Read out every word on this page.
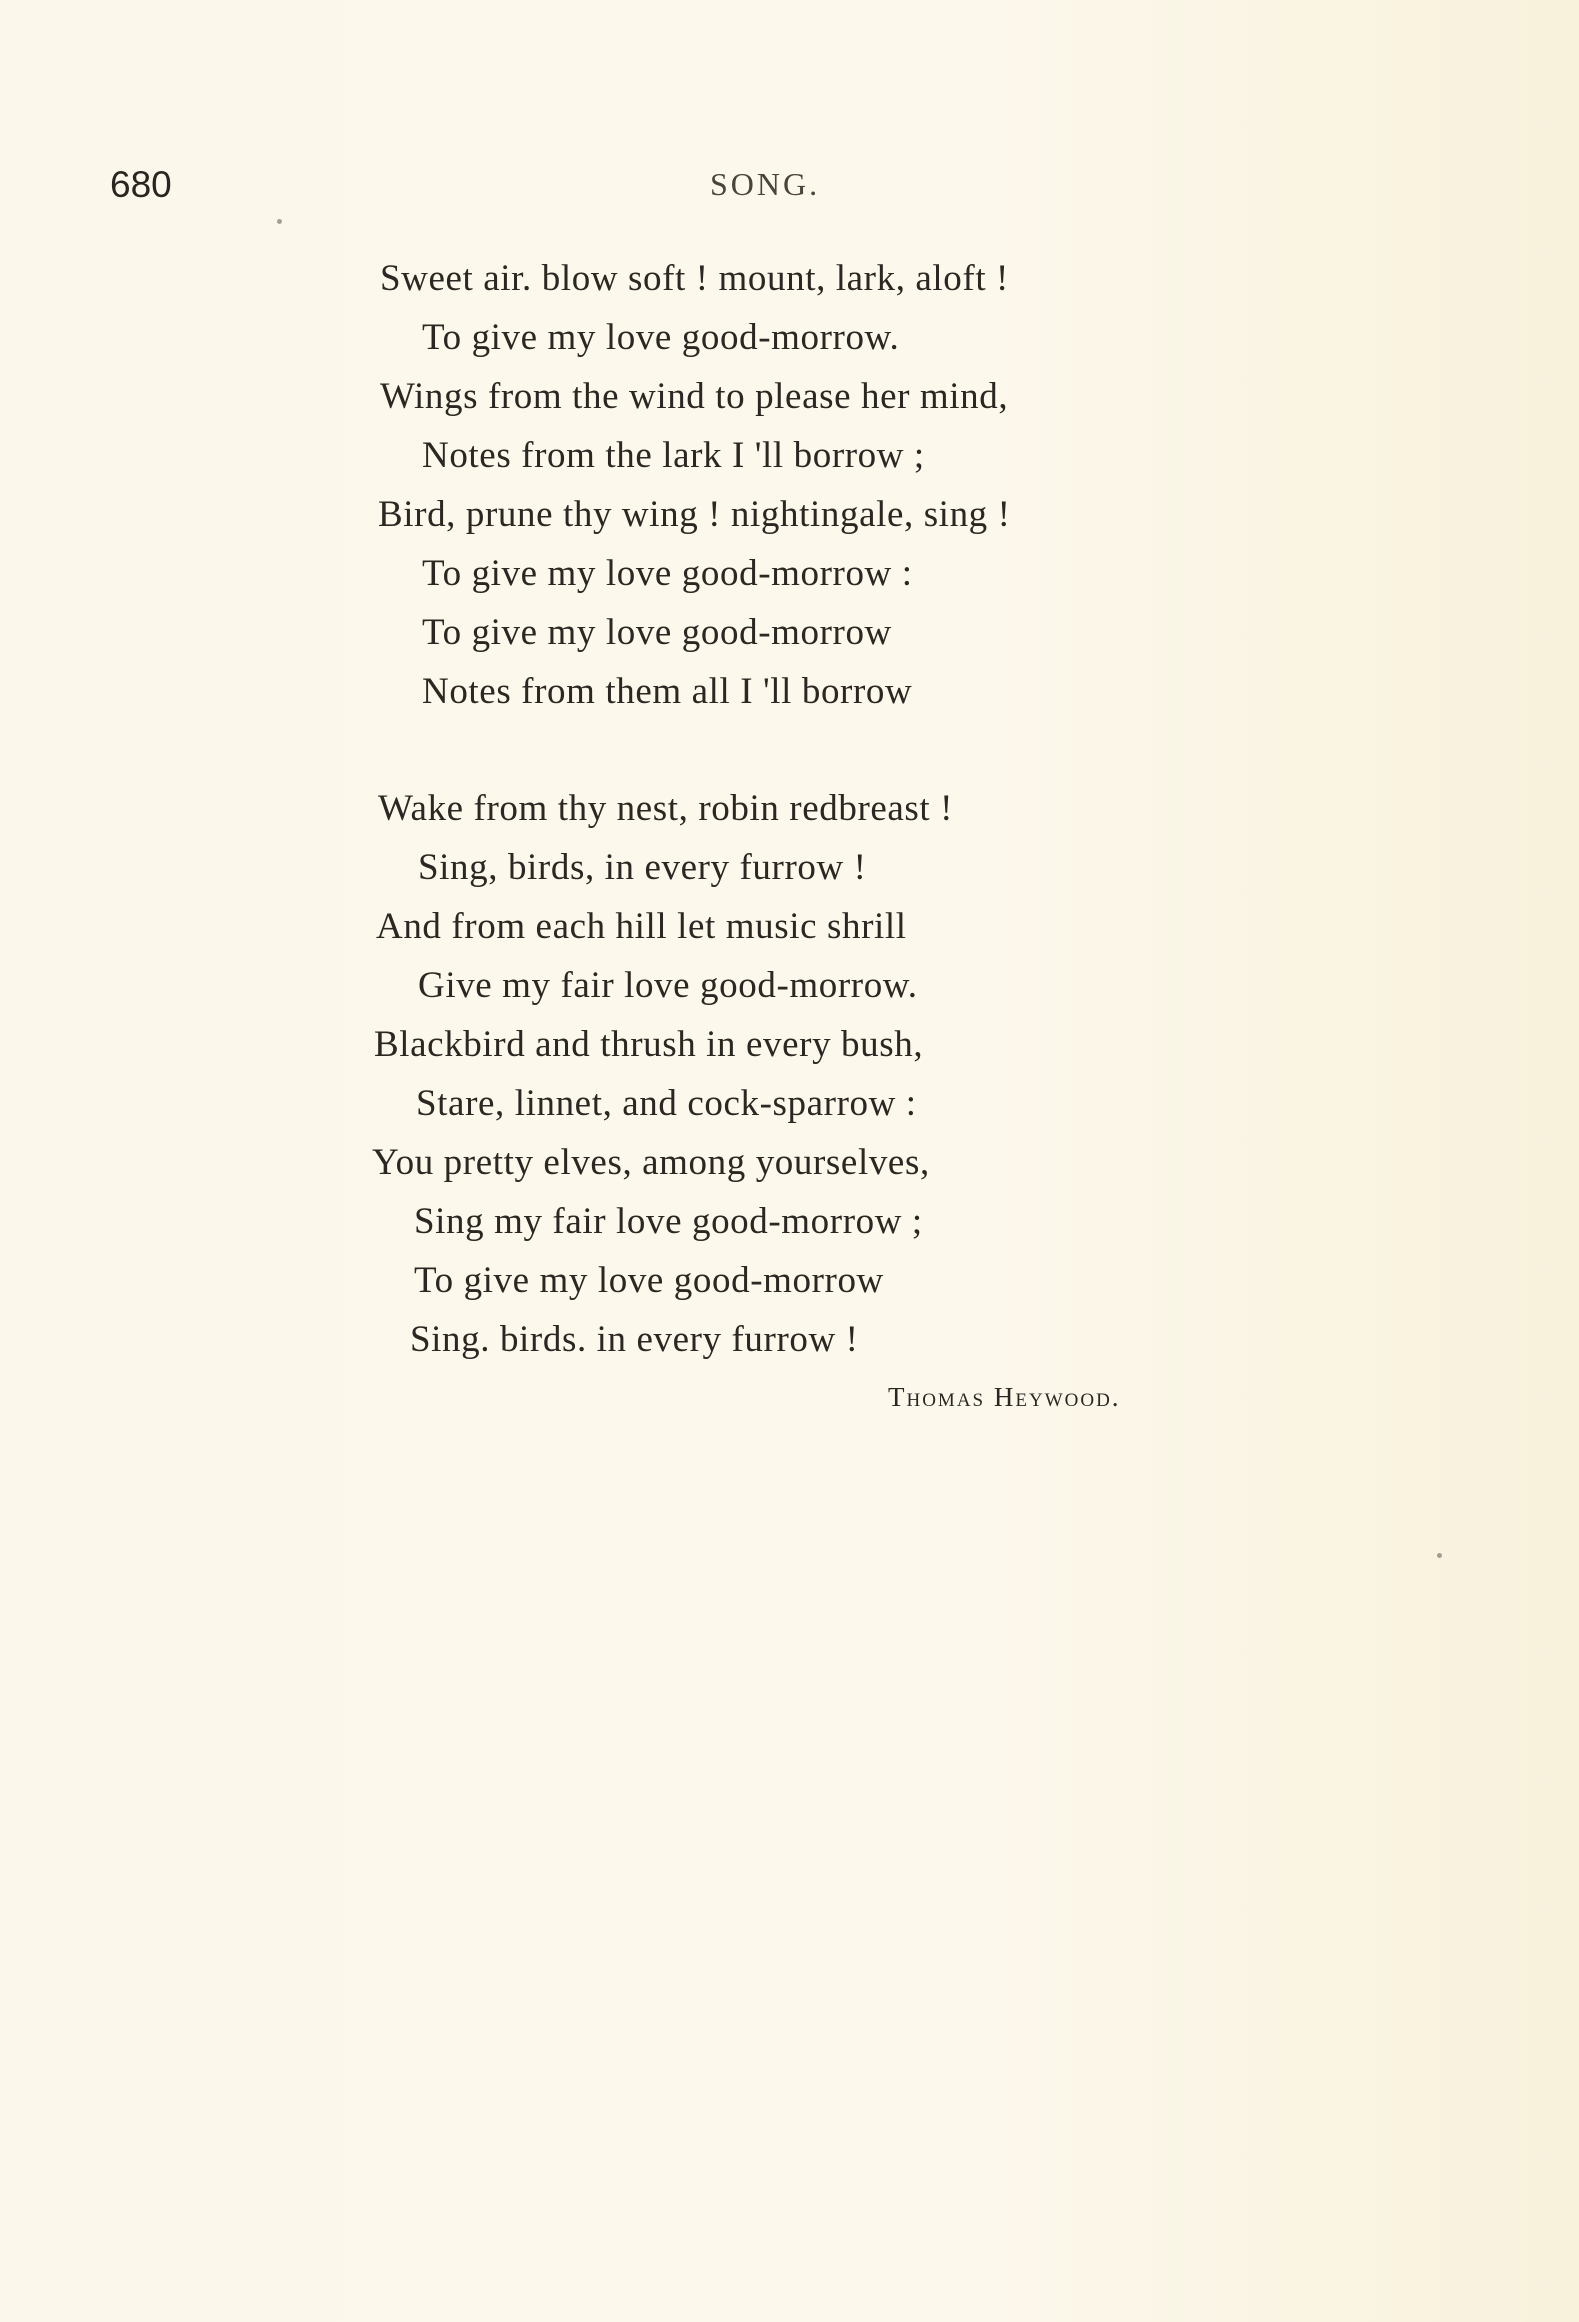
680	SONG.
Sweet air. blow soft ! mount, lark, aloft !
To give my love good-morrow.
Wings from the wind to please her mind,
Notes from the lark I 'll borrow ;
Bird, prune thy wing ! nightingale, sing !
To give my love good-morrow :
To give my love good-morrow
Notes from them all I 'll borrow
Wake from thy nest, robin redbreast !
Sing, birds, in every furrow !
And from each hill let music shrill
Give my fair love good-morrow.
Blackbird and thrush in every bush,
Stare, linnet, and cock-sparrow :
You pretty elves, among yourselves,
Sing my fair love good-morrow ;
To give my love good-morrow
Sing. birds. in every furrow !
Thomas Heywood.
